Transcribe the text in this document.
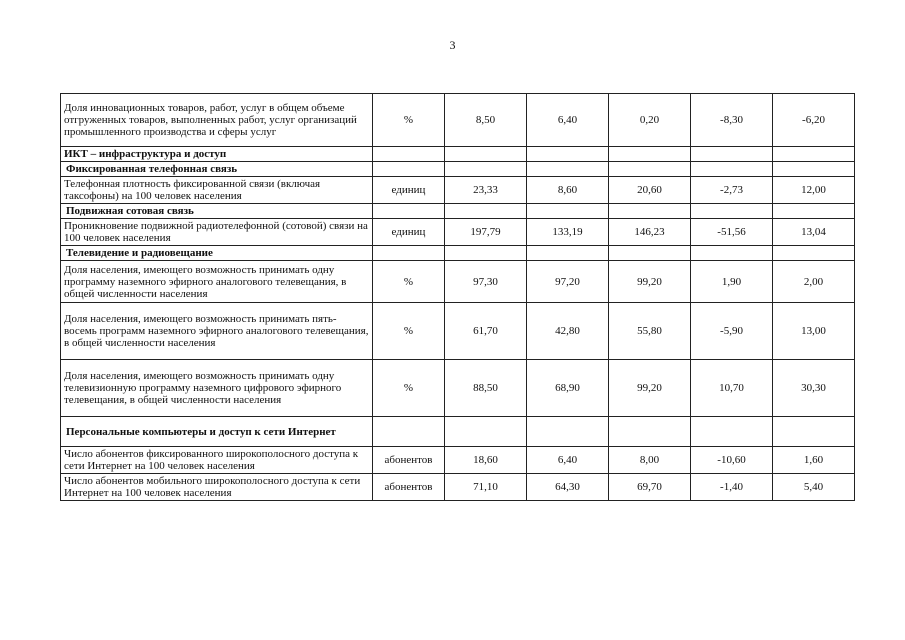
3
Доля инновационных товаров, работ, услуг в общем объеме отгруженных товаров, выполненных работ, услуг организаций промышленного производства и сферы услуг	%	8,50	6,40	0,20	-8,30	-6,20
ИКТ – инфраструктура и доступ						
Фиксированная телефонная связь						
Телефонная плотность фиксированной связи (включая таксофоны) на 100 человек населения	единиц	23,33	8,60	20,60	-2,73	12,00
Подвижная сотовая связь						
Проникновение подвижной радиотелефонной (сотовой) связи на 100 человек населения	единиц	197,79	133,19	146,23	-51,56	13,04
Телевидение и радиовещание						
Доля населения, имеющего возможность принимать одну программу наземного эфирного аналогового телевещания, в общей численности населения	%	97,30	97,20	99,20	1,90	2,00
Доля населения, имеющего возможность принимать пять-восемь программ наземного эфирного аналогового телевещания, в общей численности населения	%	61,70	42,80	55,80	-5,90	13,00
Доля населения, имеющего возможность принимать одну телевизионную программу наземного цифрового эфирного телевещания, в общей численности населения	%	88,50	68,90	99,20	10,70	30,30
Персональные компьютеры и доступ к сети Интернет						
Число абонентов фиксированного широкополосного доступа к сети Интернет на 100 человек населения	абонентов	18,60	6,40	8,00	-10,60	1,60
Число абонентов мобильного широкополосного доступа к сети Интернет на 100 человек населения	абонентов	71,10	64,30	69,70	-1,40	5,40
